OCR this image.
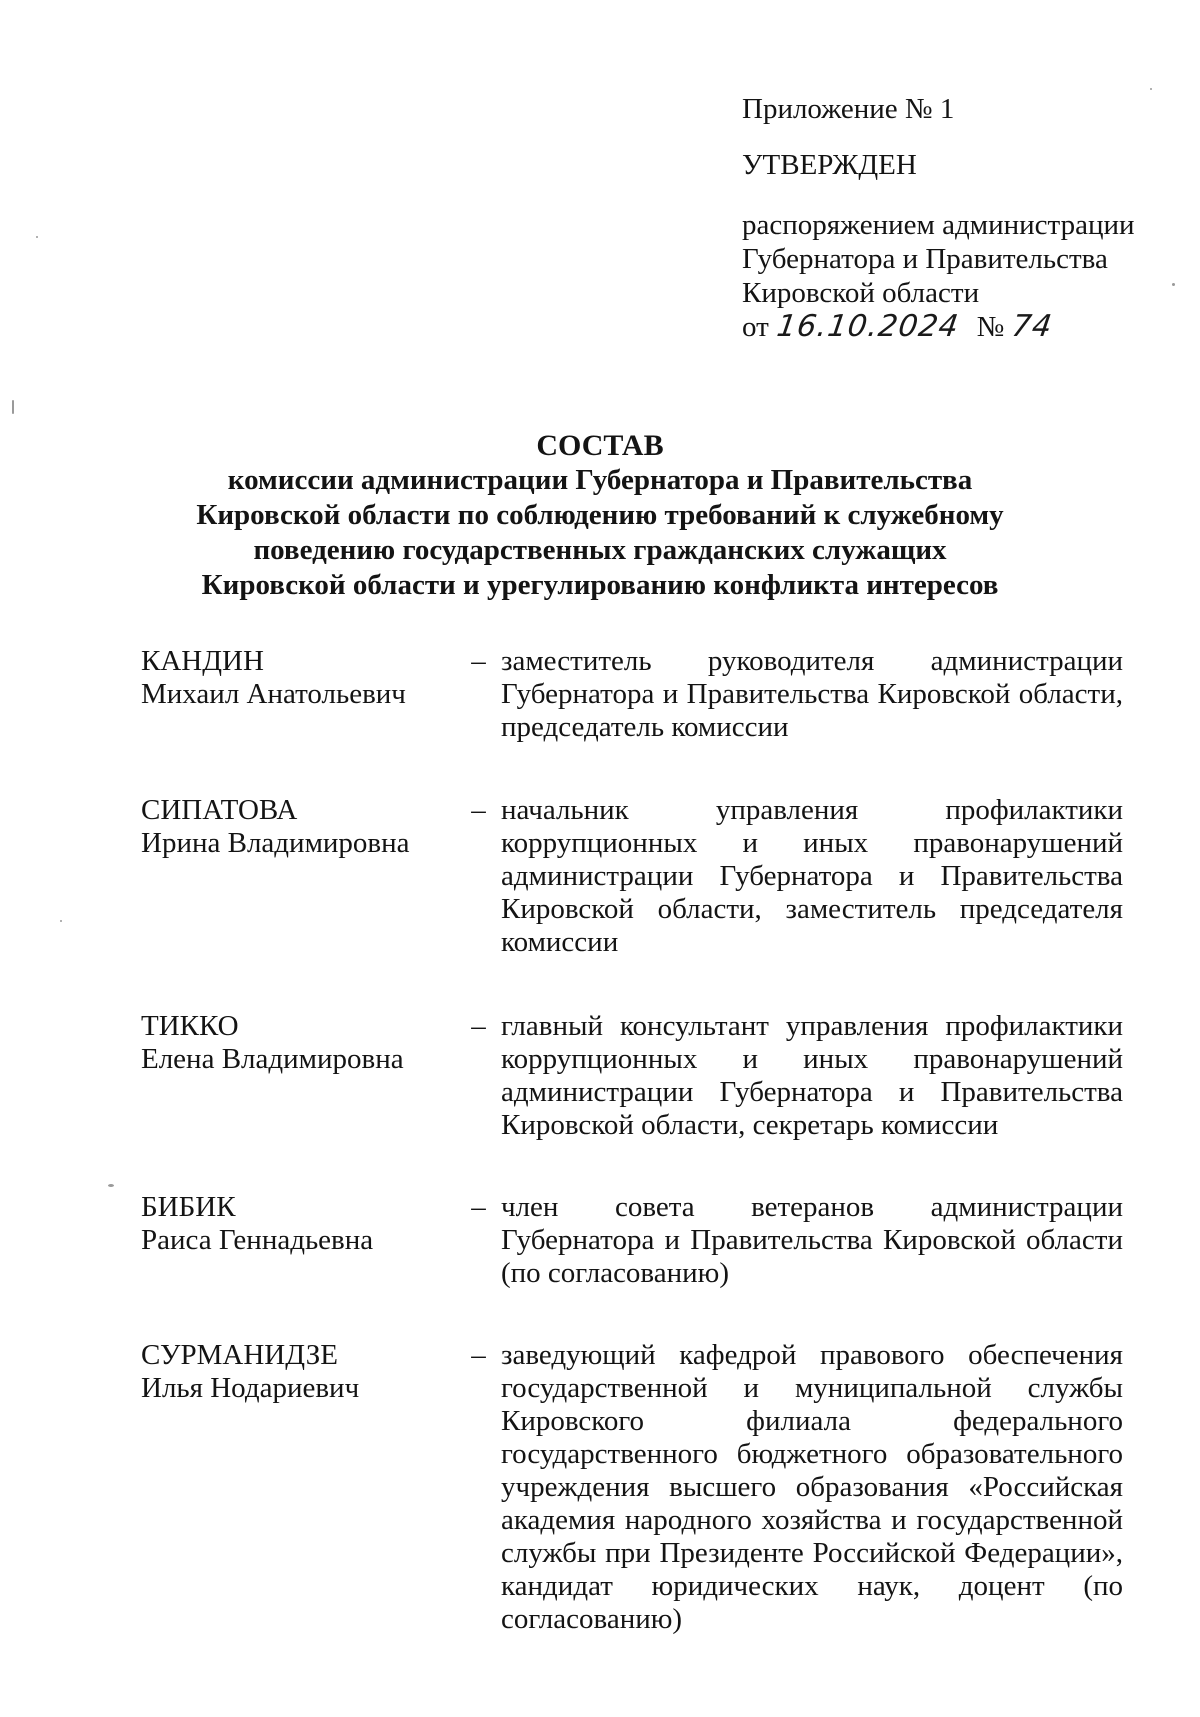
Приложение № 1
УТВЕРЖДЕН
распоряжением администрации
Губернатора и Правительства
Кировской области
от 16.10.2024 № 74
СОСТАВ
комиссии администрации Губернатора и Правительства
Кировской области по соблюдению требований к служебному
поведению государственных гражданских служащих
Кировской области и урегулированию конфликта интересов
КАНДИН
Михаил Анатольевич
– заместитель руководителя администрации Губернатора и Правительства Кировской области, председатель комиссии
СИПАТОВА
Ирина Владимировна
– начальник управления профилактики коррупционных и иных правонарушений администрации Губернатора и Правительства Кировской области, заместитель председателя комиссии
ТИККО
Елена Владимировна
– главный консультант управления профилактики коррупционных и иных правонарушений администрации Губернатора и Правительства Кировской области, секретарь комиссии
БИБИК
Раиса Геннадьевна
– член совета ветеранов администрации Губернатора и Правительства Кировской области (по согласованию)
СУРМАНИДЗЕ
Илья Нодариевич
– заведующий кафедрой правового обеспечения государственной и муниципальной службы Кировского филиала федерального государственного бюджетного образовательного учреждения высшего образования «Российская академия народного хозяйства и государственной службы при Президенте Российской Федерации», кандидат юридических наук, доцент (по согласованию)
